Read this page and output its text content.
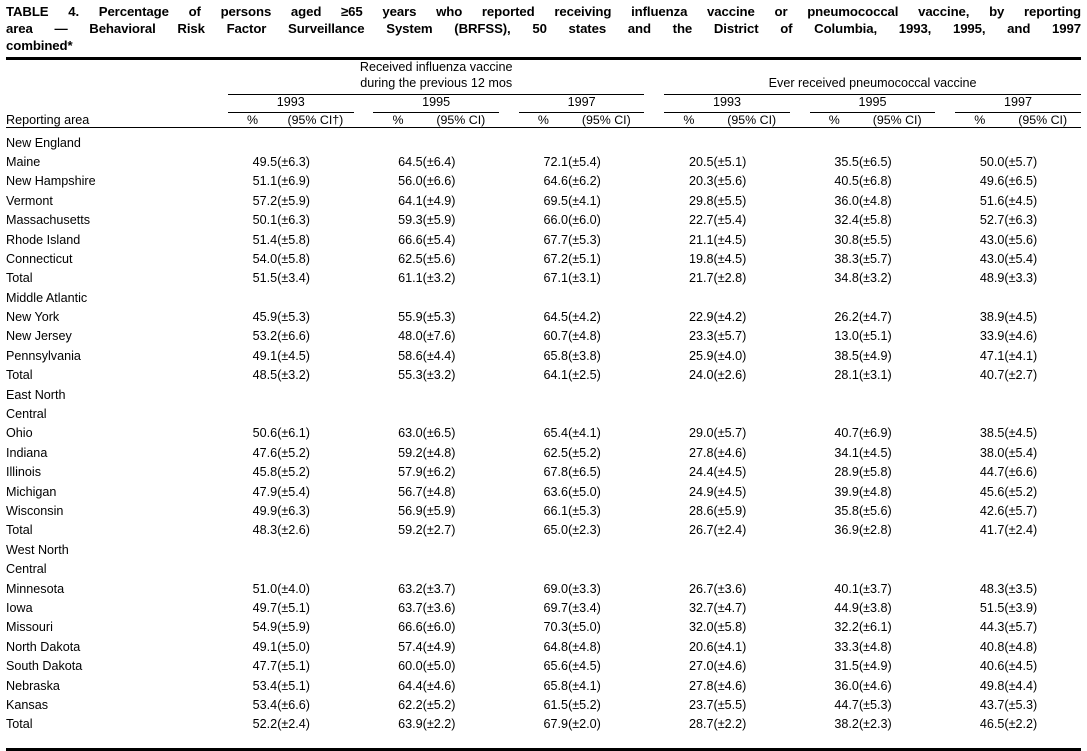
TABLE 4. Percentage of persons aged ≥65 years who reported receiving influenza vaccine or pneumococcal vaccine, by reporting
area — Behavioral Risk Factor Surveillance System (BRFSS), 50 states and the District of Columbia, 1993, 1995, and 1997
combined*
	Received influenza vaccine
during the previous 12 mos									Ever received pneumococcal vaccine							

	1993			1995			1997			1993			1995			1997	

Reporting area	%	(95% CI†)		%	(95% CI)		%	(95% CI)		%	(95% CI)		%	(95% CI)		%	(95% CI)

New England																	
Maine	49.5	(±6.3)		64.5	(±6.4)		72.1	(±5.4)		20.5	(±5.1)		35.5	(±6.5)		50.0	(±5.7)
New Hampshire	51.1	(±6.9)		56.0	(±6.6)		64.6	(±6.2)		20.3	(±5.6)		40.5	(±6.8)		49.6	(±6.5)
Vermont	57.2	(±5.9)		64.1	(±4.9)		69.5	(±4.1)		29.8	(±5.5)		36.0	(±4.8)		51.6	(±4.5)
Massachusetts	50.1	(±6.3)		59.3	(±5.9)		66.0	(±6.0)		22.7	(±5.4)		32.4	(±5.8)		52.7	(±6.3)
Rhode Island	51.4	(±5.8)		66.6	(±5.4)		67.7	(±5.3)		21.1	(±4.5)		30.8	(±5.5)		43.0	(±5.6)
Connecticut	54.0	(±5.8)		62.5	(±5.6)		67.2	(±5.1)		19.8	(±4.5)		38.3	(±5.7)		43.0	(±5.4)
Total	51.5	(±3.4)		61.1	(±3.2)		67.1	(±3.1)		21.7	(±2.8)		34.8	(±3.2)		48.9	(±3.3)
Middle Atlantic																	
New York	45.9	(±5.3)		55.9	(±5.3)		64.5	(±4.2)		22.9	(±4.2)		26.2	(±4.7)		38.9	(±4.5)
New Jersey	53.2	(±6.6)		48.0	(±7.6)		60.7	(±4.8)		23.3	(±5.7)		13.0	(±5.1)		33.9	(±4.6)
Pennsylvania	49.1	(±4.5)		58.6	(±4.4)		65.8	(±3.8)		25.9	(±4.0)		38.5	(±4.9)		47.1	(±4.1)
Total	48.5	(±3.2)		55.3	(±3.2)		64.1	(±2.5)		24.0	(±2.6)		28.1	(±3.1)		40.7	(±2.7)
East North																	
Central																	
Ohio	50.6	(±6.1)		63.0	(±6.5)		65.4	(±4.1)		29.0	(±5.7)		40.7	(±6.9)		38.5	(±4.5)
Indiana	47.6	(±5.2)		59.2	(±4.8)		62.5	(±5.2)		27.8	(±4.6)		34.1	(±4.5)		38.0	(±5.4)
Illinois	45.8	(±5.2)		57.9	(±6.2)		67.8	(±6.5)		24.4	(±4.5)		28.9	(±5.8)		44.7	(±6.6)
Michigan	47.9	(±5.4)		56.7	(±4.8)		63.6	(±5.0)		24.9	(±4.5)		39.9	(±4.8)		45.6	(±5.2)
Wisconsin	49.9	(±6.3)		56.9	(±5.9)		66.1	(±5.3)		28.6	(±5.9)		35.8	(±5.6)		42.6	(±5.7)
Total	48.3	(±2.6)		59.2	(±2.7)		65.0	(±2.3)		26.7	(±2.4)		36.9	(±2.8)		41.7	(±2.4)
West North																	
Central																	
Minnesota	51.0	(±4.0)		63.2	(±3.7)		69.0	(±3.3)		26.7	(±3.6)		40.1	(±3.7)		48.3	(±3.5)
Iowa	49.7	(±5.1)		63.7	(±3.6)		69.7	(±3.4)		32.7	(±4.7)		44.9	(±3.8)		51.5	(±3.9)
Missouri	54.9	(±5.9)		66.6	(±6.0)		70.3	(±5.0)		32.0	(±5.8)		32.2	(±6.1)		44.3	(±5.7)
North Dakota	49.1	(±5.0)		57.4	(±4.9)		64.8	(±4.8)		20.6	(±4.1)		33.3	(±4.8)		40.8	(±4.8)
South Dakota	47.7	(±5.1)		60.0	(±5.0)		65.6	(±4.5)		27.0	(±4.6)		31.5	(±4.9)		40.6	(±4.5)
Nebraska	53.4	(±5.1)		64.4	(±4.6)		65.8	(±4.1)		27.8	(±4.6)		36.0	(±4.6)		49.8	(±4.4)
Kansas	53.4	(±6.6)		62.2	(±5.2)		61.5	(±5.2)		23.7	(±5.5)		44.7	(±5.3)		43.7	(±5.3)
Total	52.2	(±2.4)		63.9	(±2.2)		67.9	(±2.0)		28.7	(±2.2)		38.2	(±2.3)		46.5	(±2.2)
